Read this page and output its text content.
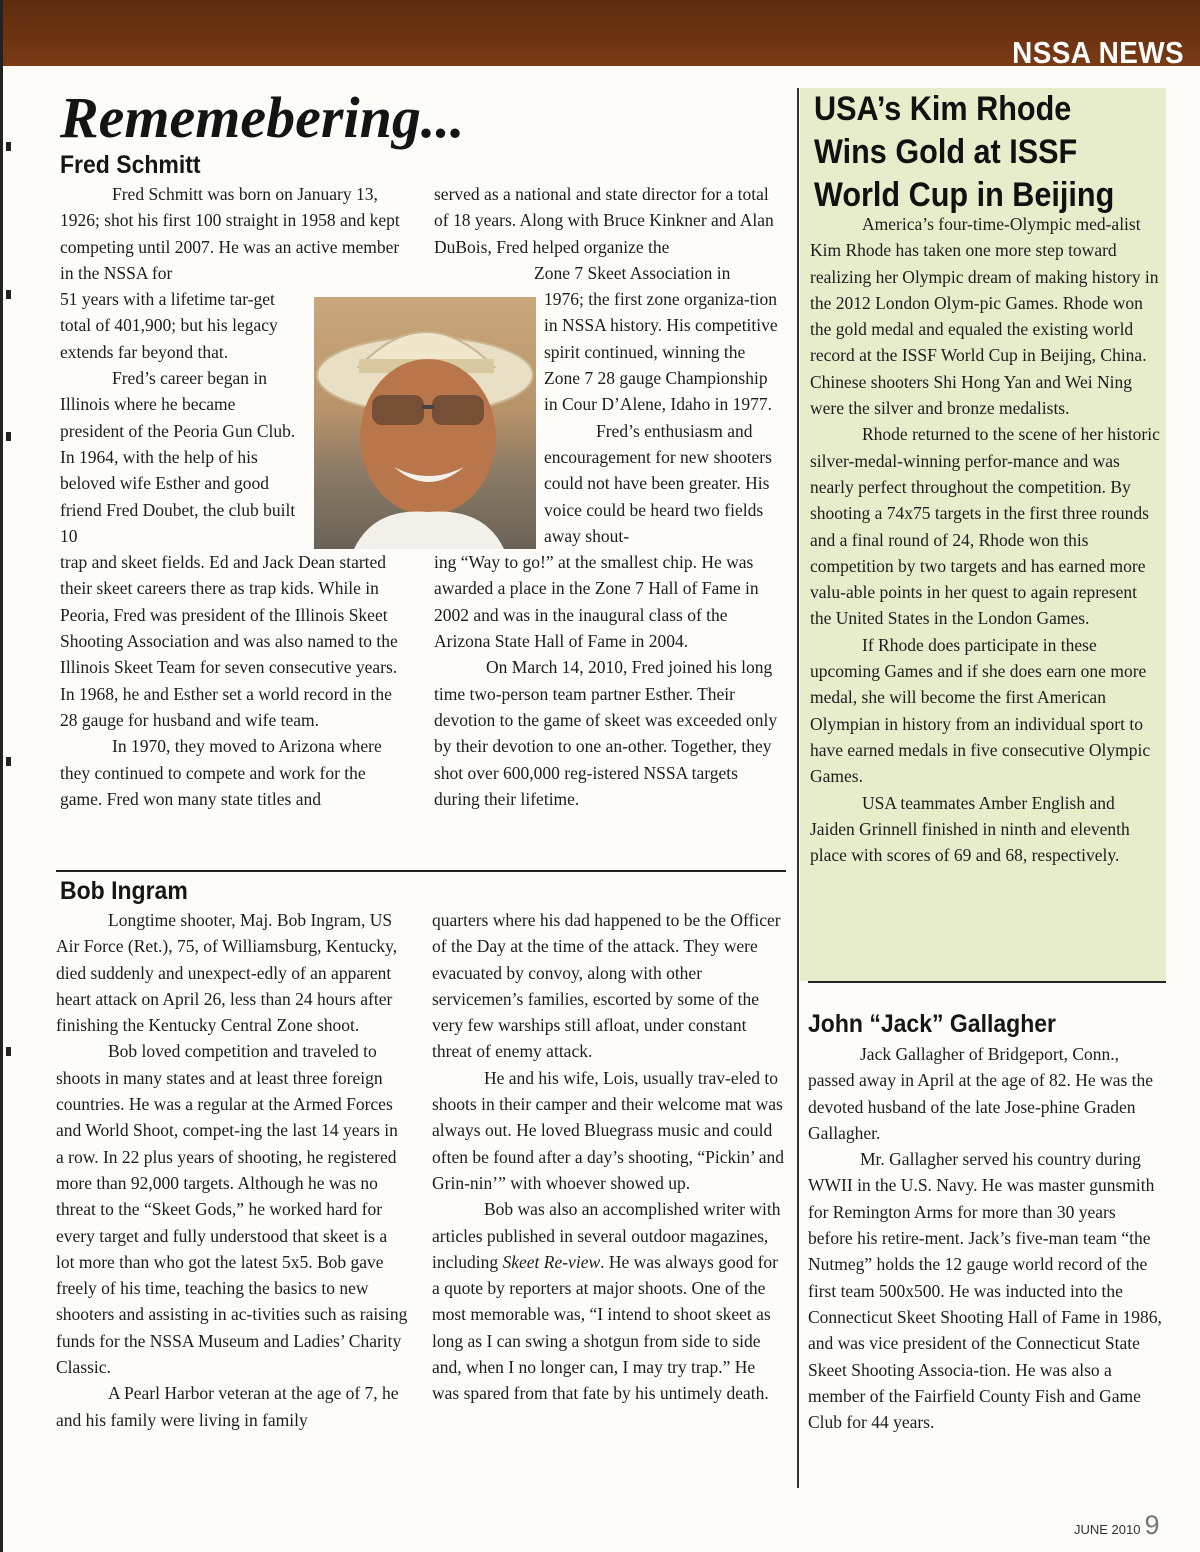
NSSA NEWS
Rememebering...
Fred Schmitt

Fred Schmitt was born on January 13, 1926; shot his first 100 straight in 1958 and kept competing until 2007. He was an active member in the NSSA for

51 years with a lifetime tar-get total of 401,900; but his legacy extends far beyond that.

Fred’s career began in Illinois where he became president of the Peoria Gun Club. In 1964, with the help of his beloved wife Esther and good friend Fred Doubet, the club built 10

trap and skeet fields. Ed and Jack Dean started their skeet careers there as trap kids. While in Peoria, Fred was president of the Illinois Skeet Shooting Association and was also named to the Illinois Skeet Team for seven consecutive years. In 1968, he and Esther set a world record in the 28 gauge for husband and wife team.

In 1970, they moved to Arizona where they continued to compete and work for the game. Fred won many state titles and

served as a national and state director for a total of 18 years. Along with Bruce Kinkner and Alan DuBois, Fred helped organize the

Zone 7 Skeet Association in

1976; the first zone organiza-tion in NSSA history. His competitive spirit continued, winning the Zone 7 28 gauge Championship in Cour D’Alene, Idaho in 1977.

Fred’s enthusiasm and encouragement for new shooters could not have been greater. His voice could be heard two fields away shout-

ing “Way to go!” at the smallest chip. He was awarded a place in the Zone 7 Hall of Fame in 2002 and was in the inaugural class of the Arizona State Hall of Fame in 2004.

On March 14, 2010, Fred joined his long time two-person team partner Esther. Their devotion to the game of skeet was exceeded only by their devotion to one an-other. Together, they shot over 600,000 reg-istered NSSA targets during their lifetime.

Bob Ingram

Longtime shooter, Maj. Bob Ingram, US Air Force (Ret.), 75, of Williamsburg, Kentucky, died suddenly and unexpect-edly of an apparent heart attack on April 26, less than 24 hours after finishing the Kentucky Central Zone shoot.

Bob loved competition and traveled to shoots in many states and at least three foreign countries. He was a regular at the Armed Forces and World Shoot, compet-ing the last 14 years in a row. In 22 plus years of shooting, he registered more than 92,000 targets. Although he was no threat to the “Skeet Gods,” he worked hard for every target and fully understood that skeet is a lot more than who got the latest 5x5. Bob gave freely of his time, teaching the basics to new shooters and assisting in ac-tivities such as raising funds for the NSSA Museum and Ladies’ Charity Classic.

A Pearl Harbor veteran at the age of 7, he and his family were living in family

quarters where his dad happened to be the Officer of the Day at the time of the attack. They were evacuated by convoy, along with other servicemen’s families, escorted by some of the very few warships still afloat, under constant threat of enemy attack.

He and his wife, Lois, usually trav-eled to shoots in their camper and their welcome mat was always out. He loved Bluegrass music and could often be found after a day’s shooting, “Pickin’ and Grin-nin’” with whoever showed up.

Bob was also an accomplished writer with articles published in several outdoor magazines, including Skeet Re-view. He was always good for a quote by reporters at major shoots. One of the most memorable was, “I intend to shoot skeet as long as I can swing a shotgun from side to side and, when I no longer can, I may try trap.” He was spared from that fate by his untimely death.

USA’s Kim Rhode Wins Gold at ISSF World Cup in Beijing

America’s four-time-Olympic med-alist Kim Rhode has taken one more step toward realizing her Olympic dream of making history in the 2012 London Olym-pic Games. Rhode won the gold medal and equaled the existing world record at the ISSF World Cup in Beijing, China. Chinese shooters Shi Hong Yan and Wei Ning were the silver and bronze medalists.

Rhode returned to the scene of her historic silver-medal-winning perfor-mance and was nearly perfect throughout the competition. By shooting a 74x75 targets in the first three rounds and a final round of 24, Rhode won this competition by two targets and has earned more valu-able points in her quest to again represent the United States in the London Games.

If Rhode does participate in these upcoming Games and if she does earn one more medal, she will become the first American Olympian in history from an individual sport to have earned medals in five consecutive Olympic Games.

USA teammates Amber English and Jaiden Grinnell finished in ninth and eleventh place with scores of 69 and 68, respectively.

John “Jack” Gallagher

Jack Gallagher of Bridgeport, Conn., passed away in April at the age of 82. He was the devoted husband of the late Jose-phine Graden Gallagher.

Mr. Gallagher served his country during WWII in the U.S. Navy. He was master gunsmith for Remington Arms for more than 30 years before his retire-ment. Jack’s five-man team “the Nutmeg” holds the 12 gauge world record of the first team 500x500. He was inducted into the Connecticut Skeet Shooting Hall of Fame in 1986, and was vice president of the Connecticut State Skeet Shooting Associa-tion. He was also a member of the Fairfield County Fish and Game Club for 44 years.

JUNE 2010 9
